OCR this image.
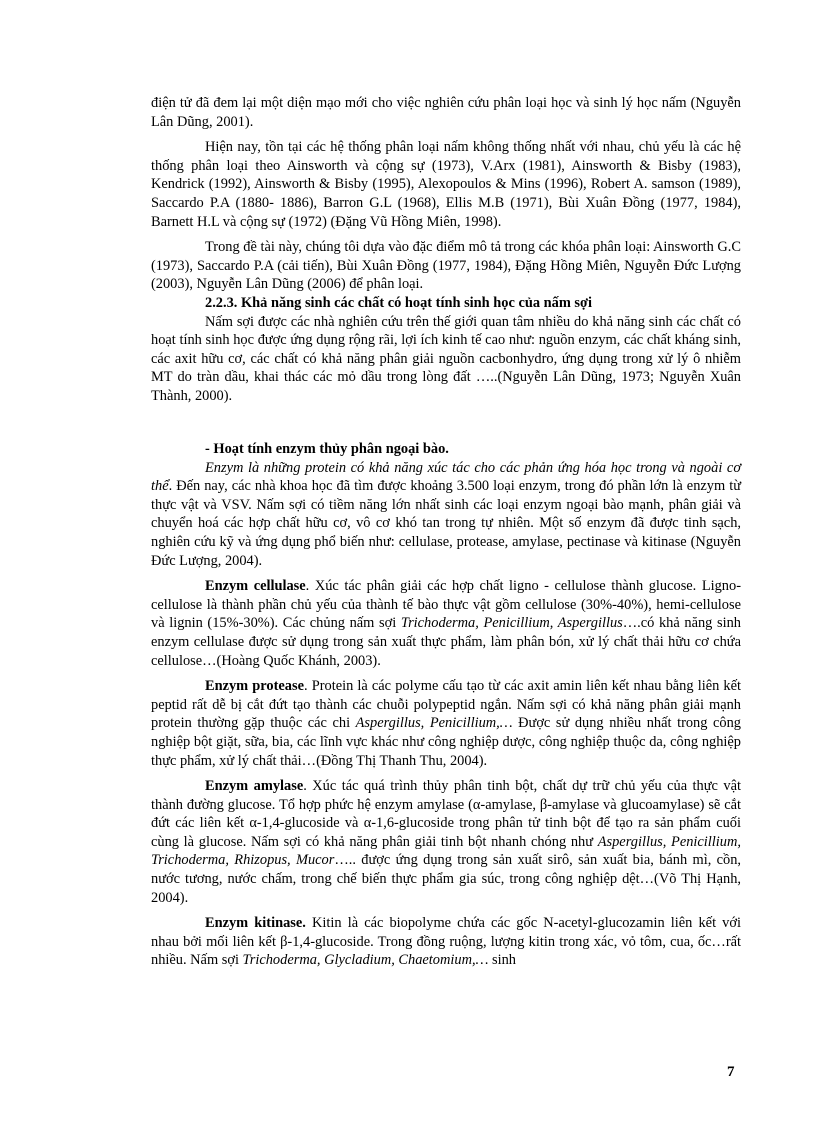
điện tử đã đem lại một diện mạo mới cho việc nghiên cứu phân loại học và sinh lý học nấm (Nguyễn Lân Dũng, 2001).

Hiện nay, tồn tại các hệ thống phân loại nấm không thống nhất với nhau, chủ yếu là các hệ thống phân loại theo Ainsworth và cộng sự (1973), V.Arx (1981), Ainsworth & Bisby (1983), Kendrick (1992), Ainsworth & Bisby (1995), Alexopoulos & Mins (1996), Robert A. samson (1989), Saccardo P.A (1880- 1886), Barron G.L (1968), Ellis M.B (1971), Bùi Xuân Đồng (1977, 1984), Barnett H.L và cộng sự (1972) (Đặng Vũ Hồng Miên, 1998).

Trong đề tài này, chúng tôi dựa vào đặc điểm mô tả trong các khóa phân loại: Ainsworth G.C (1973), Saccardo P.A (cải tiến), Bùi Xuân Đồng (1977, 1984), Đặng Hồng Miên, Nguyễn Đức Lượng (2003), Nguyễn Lân Dũng (2006) để phân loại.

2.2.3. Khả năng sinh các chất có hoạt tính sinh học của nấm sợi

Nấm sợi được các nhà nghiên cứu trên thế giới quan tâm nhiều do khả năng sinh các chất có hoạt tính sinh học được ứng dụng rộng rãi, lợi ích kinh tế cao như: nguồn enzym, các chất kháng sinh, các axit hữu cơ, các chất có khả năng phân giải nguồn cacbonhydro, ứng dụng trong xử lý ô nhiễm MT do tràn dầu, khai thác các mỏ dầu trong lòng đất …..(Nguyễn Lân Dũng, 1973; Nguyễn Xuân Thành, 2000).

- Hoạt tính enzym thủy phân ngoại bào.

Enzym là những protein có khả năng xúc tác cho các phản ứng hóa học trong và ngoài cơ thể. Đến nay, các nhà khoa học đã tìm được khoảng 3.500 loại enzym, trong đó phần lớn là enzym từ thực vật và VSV. Nấm sợi có tiềm năng lớn nhất sinh các loại enzym ngoại bào mạnh, phân giải và chuyển hoá các hợp chất hữu cơ, vô cơ khó tan trong tự nhiên. Một số enzym đã được tinh sạch, nghiên cứu kỹ và ứng dụng phổ biến như: cellulase, protease, amylase, pectinase và kitinase (Nguyễn Đức Lượng, 2004).

Enzym cellulase. Xúc tác phân giải các hợp chất ligno - cellulose thành glucose. Ligno-cellulose là thành phần chủ yếu của thành tế bào thực vật gồm cellulose (30%-40%), hemi-cellulose và lignin (15%-30%). Các chủng nấm sợi Trichoderma, Penicillium, Aspergillus….có khả năng sinh enzym cellulase được sử dụng trong sản xuất thực phẩm, làm phân bón, xử lý chất thải hữu cơ chứa cellulose…(Hoàng Quốc Khánh, 2003).

Enzym protease. Protein là các polyme cấu tạo từ các axit amin liên kết nhau bằng liên kết peptid rất dễ bị cắt đứt tạo thành các chuỗi polypeptid ngắn. Nấm sợi có khả năng phân giải mạnh protein thường gặp thuộc các chi Aspergillus, Penicillium,… Được sử dụng nhiều nhất trong công nghiệp bột giặt, sữa, bia, các lĩnh vực khác như công nghiệp dược, công nghiệp thuộc da, công nghiệp thực phẩm, xử lý chất thải…(Đồng Thị Thanh Thu, 2004).

Enzym amylase. Xúc tác quá trình thủy phân tinh bột, chất dự trữ chủ yếu của thực vật thành đường glucose. Tổ hợp phức hệ enzym amylase (α-amylase, β-amylase và glucoamylase) sẽ cắt đứt các liên kết α-1,4-glucoside và α-1,6-glucoside trong phân tử tinh bột để tạo ra sản phẩm cuối cùng là glucose. Nấm sợi có khả năng phân giải tinh bột nhanh chóng như Aspergillus, Penicillium, Trichoderma, Rhizopus, Mucor….. được ứng dụng trong sản xuất sirô, sản xuất bia, bánh mì, cồn, nước tương, nước chấm, trong chế biến thực phẩm gia súc, trong công nghiệp dệt…(Võ Thị Hạnh, 2004).

Enzym kitinase. Kitin là các biopolyme chứa các gốc N-acetyl-glucozamin liên kết với nhau bởi mối liên kết β-1,4-glucoside. Trong đồng ruộng, lượng kitin trong xác, vỏ tôm, cua, ốc…rất nhiều. Nấm sợi Trichoderma, Glycladium, Chaetomium,… sinh

7
